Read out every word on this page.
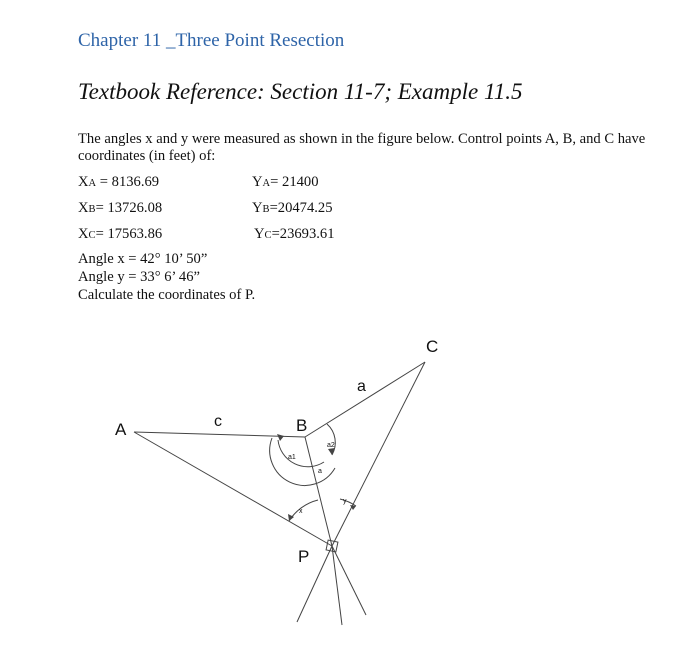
Chapter 11 _Three Point Resection
Textbook Reference: Section 11-7; Example 11.5
The angles x and y were measured as shown in the figure below. Control points A, B, and C have coordinates (in feet) of:
XA = 8136.69	YA= 21400
XB= 13726.08	YB=20474.25
XC= 17563.86	YC=23693.61
Angle x = 42° 10’ 50”
Angle y = 33° 6’ 46”
Calculate the coordinates of P.
A	B
C
P
c
a
a1
a2
a
x
y
